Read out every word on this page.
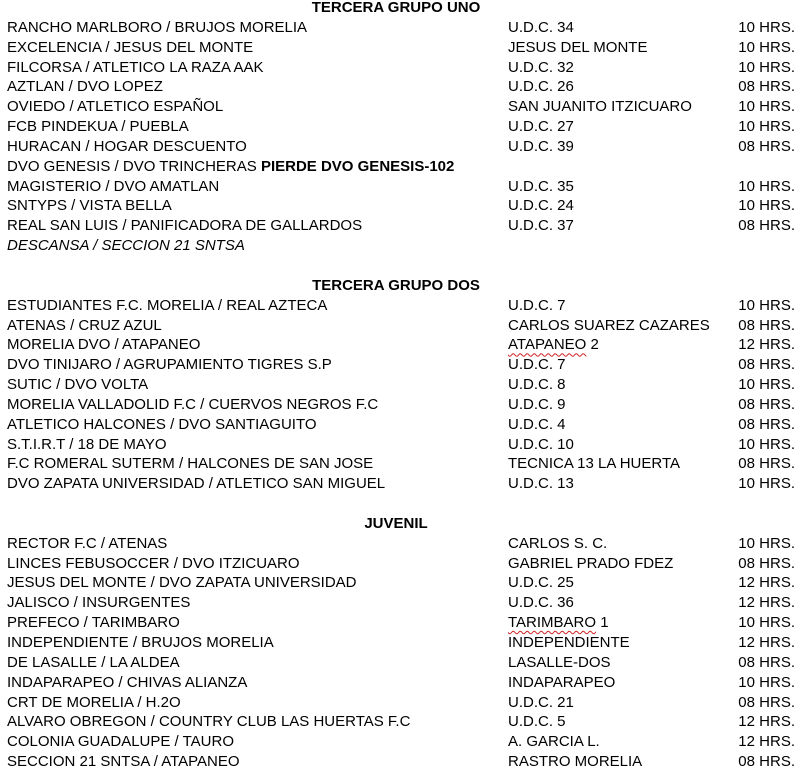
TERCERA GRUPO UNO
RANCHO MARLBORO / BRUJOS MORELIA	U.D.C. 34	10 HRS.
EXCELENCIA / JESUS DEL MONTE	JESUS DEL MONTE	10 HRS.
FILCORSA / ATLETICO LA RAZA AAK	U.D.C. 32	10 HRS.
AZTLAN / DVO LOPEZ	U.D.C. 26	08 HRS.
OVIEDO / ATLETICO ESPAÑOL	SAN JUANITO ITZICUARO	10 HRS.
FCB PINDEKUA / PUEBLA	U.D.C. 27	10 HRS.
HURACAN / HOGAR DESCUENTO	U.D.C. 39	08 HRS.
DVO GENESIS / DVO TRINCHERAS PIERDE DVO GENESIS-102
MAGISTERIO / DVO AMATLAN	U.D.C. 35	10 HRS.
SNTYPS / VISTA BELLA	U.D.C. 24	10 HRS.
REAL SAN LUIS / PANIFICADORA DE GALLARDOS	U.D.C. 37	08 HRS.
DESCANSA / SECCION 21 SNTSA
TERCERA GRUPO DOS
ESTUDIANTES F.C. MORELIA / REAL AZTECA	U.D.C. 7	10 HRS.
ATENAS / CRUZ AZUL	CARLOS SUAREZ CAZARES 08 HRS.
MORELIA DVO / ATAPANEO	ATAPANEO 2	12 HRS.
DVO TINIJARO / AGRUPAMIENTO TIGRES S.P	U.D.C. 7	08 HRS.
SUTIC / DVO VOLTA	U.D.C. 8	10 HRS.
MORELIA VALLADOLID F.C / CUERVOS NEGROS F.C	U.D.C. 9	08 HRS.
ATLETICO HALCONES / DVO SANTIAGUITO	U.D.C. 4	08 HRS.
S.T.I.R.T / 18 DE MAYO	U.D.C. 10	10 HRS.
F.C ROMERAL SUTERM / HALCONES DE SAN JOSE	TECNICA 13 LA HUERTA	08 HRS.
DVO ZAPATA UNIVERSIDAD / ATLETICO SAN MIGUEL	U.D.C. 13	10 HRS.
JUVENIL
RECTOR F.C / ATENAS	CARLOS S. C.	10 HRS.
LINCES FEBUSOCCER / DVO ITZICUARO	GABRIEL PRADO FDEZ	08 HRS.
JESUS DEL MONTE / DVO ZAPATA UNIVERSIDAD	U.D.C. 25	12 HRS.
JALISCO / INSURGENTES	U.D.C. 36	12 HRS.
PREFECO / TARIMBARO	TARIMBARO 1	10 HRS.
INDEPENDIENTE / BRUJOS MORELIA	INDEPENDIENTE	12 HRS.
DE LASALLE / LA ALDEA	LASALLE-DOS	08 HRS.
INDAPARAPEO / CHIVAS ALIANZA	INDAPARAPEO	10 HRS.
CRT DE MORELIA / H.2O	U.D.C. 21	08 HRS.
ALVARO OBREGON / COUNTRY CLUB LAS HUERTAS F.C	U.D.C. 5	12 HRS.
COLONIA GUADALUPE / TAURO	A. GARCIA L.	12 HRS.
SECCION 21 SNTSA / ATAPANEO	RASTRO MORELIA	08 HRS.
